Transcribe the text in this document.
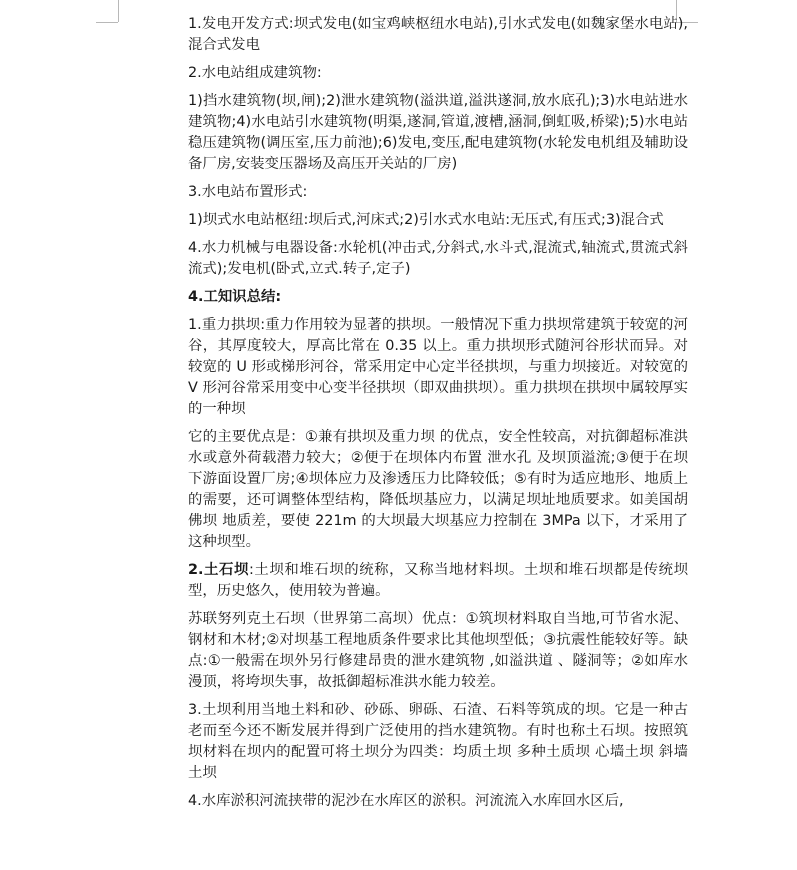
1.发电开发方式:坝式发电(如宝鸡峡枢纽水电站),引水式发电(如魏家堡水电站),混合式发电

2.水电站组成建筑物:

1)挡水建筑物(坝,闸);2)泄水建筑物(溢洪道,溢洪遂洞,放水底孔);3)水电站进水建筑物;4)水电站引水建筑物(明渠,遂洞,管道,渡槽,涵洞,倒虹吸,桥梁);5)水电站稳压建筑物(调压室,压力前池);6)发电,变压,配电建筑物(水轮发电机组及辅助设备厂房,安装变压器场及高压开关站的厂房)

3.水电站布置形式:

1)坝式水电站枢纽:坝后式,河床式;2)引水式水电站:无压式,有压式;3)混合式

4.水力机械与电器设备:水轮机(冲击式,分斜式,水斗式,混流式,轴流式,贯流式斜流式);发电机(卧式,立式.转子,定子)

4.工知识总结:

1.重力拱坝:重力作用较为显著的拱坝。一般情况下重力拱坝常建筑于较宽的河谷，其厚度较大，厚高比常在 0.35 以上。重力拱坝形式随河谷形状而异。对较宽的 U 形或梯形河谷，常采用定中心定半径拱坝，与重力坝接近。对较宽的 V 形河谷常采用变中心变半径拱坝（即双曲拱坝）。重力拱坝在拱坝中属较厚实的一种坝

它的主要优点是：①兼有拱坝及重力坝 的优点，安全性较高，对抗御超标准洪水或意外荷载潜力较大；②便于在坝体内布置 泄水孔 及坝顶溢流;③便于在坝下游面设置厂房;④坝体应力及渗透压力比降较低；⑤有时为适应地形、地质上的需要，还可调整体型结构，降低坝基应力，以满足坝址地质要求。如美国胡佛坝 地质差，要使 221m 的大坝最大坝基应力控制在 3MPa 以下，才采用了这种坝型。

2.土石坝:土坝和堆石坝的统称，又称当地材料坝。土坝和堆石坝都是传统坝型，历史悠久，使用较为普遍。

苏联努列克土石坝（世界第二高坝）优点：①筑坝材料取自当地,可节省水泥、钢材和木材;②对坝基工程地质条件要求比其他坝型低；③抗震性能较好等。缺点:①一般需在坝外另行修建昂贵的泄水建筑物 ,如溢洪道 、隧洞等；②如库水漫顶，将垮坝失事，故抵御超标准洪水能力较差。

3.土坝利用当地土料和砂、砂砾、卵砾、石渣、石料等筑成的坝。它是一种古老而至今还不断发展并得到广泛使用的挡水建筑物。有时也称土石坝。按照筑坝材料在坝内的配置可将土坝分为四类：均质土坝 多种土质坝 心墙土坝 斜墙土坝

4.水库淤积河流挟带的泥沙在水库区的淤积。河流流入水库回水区后,
